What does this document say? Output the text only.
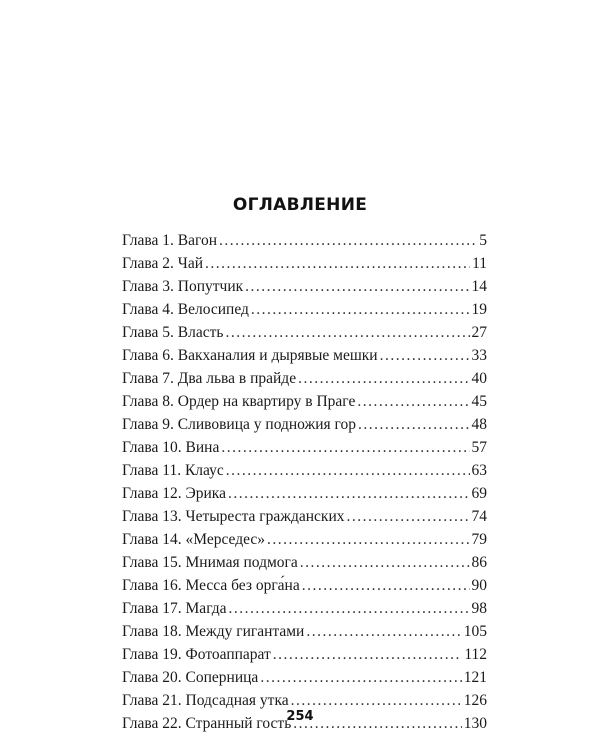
ОГЛАВЛЕНИЕ
Глава 1. Вагон .....	5
Глава 2. Чай .....	11
Глава 3. Попутчик .....	14
Глава 4. Велосипед .....	19
Глава 5. Власть .....	27
Глава 6. Вакханалия и дырявые мешки .....	33
Глава 7. Два льва в прайде .....	40
Глава 8. Ордер на квартиру в Праге .....	45
Глава 9. Сливовица у подножия гор .....	48
Глава 10. Вина .....	57
Глава 11. Клаус .....	63
Глава 12. Эрика .....	69
Глава 13. Четыреста гражданских .....	74
Глава 14. «Мерседес» .....	79
Глава 15. Мнимая подмога .....	86
Глава 16. Месса без орга́на .....	90
Глава 17. Магда .....	98
Глава 18. Между гигантами .....	105
Глава 19. Фотоаппарат .....	112
Глава 20. Соперница .....	121
Глава 21. Подсадная утка .....	126
Глава 22. Странный гость .....	130
254
